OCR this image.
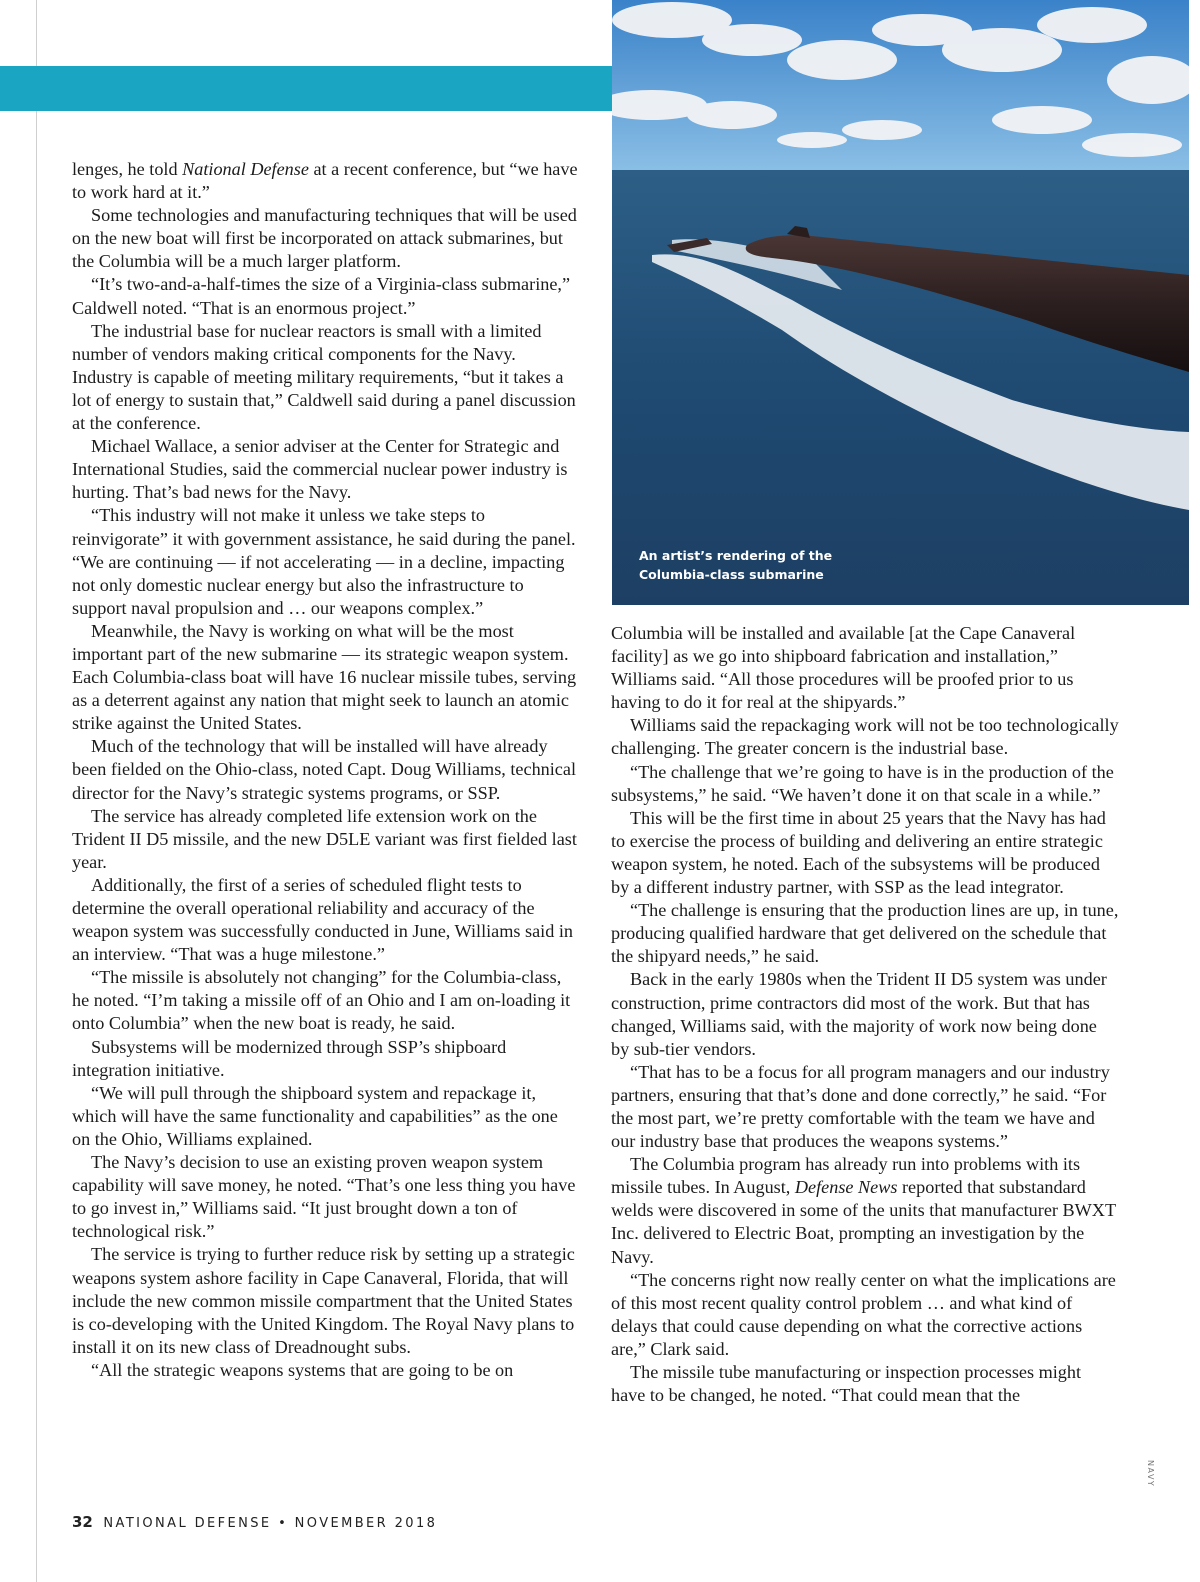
lenges, he told National Defense at a recent conference, but “we have to work hard at it.”

Some technologies and manufacturing techniques that will be used on the new boat will first be incorporated on attack submarines, but the Columbia will be a much larger platform.

“It’s two-and-a-half-times the size of a Virginia-class submarine,” Caldwell noted. “That is an enormous project.”

The industrial base for nuclear reactors is small with a limited number of vendors making critical components for the Navy. Industry is capable of meeting military requirements, “but it takes a lot of energy to sustain that,” Caldwell said during a panel discussion at the conference.

Michael Wallace, a senior adviser at the Center for Strategic and International Studies, said the commercial nuclear power industry is hurting. That’s bad news for the Navy.

“This industry will not make it unless we take steps to reinvigorate” it with government assistance, he said during the panel. “We are continuing — if not accelerating — in a decline, impacting not only domestic nuclear energy but also the infrastructure to support naval propulsion and … our weapons complex.”

Meanwhile, the Navy is working on what will be the most important part of the new submarine — its strategic weapon system. Each Columbia-class boat will have 16 nuclear missile tubes, serving as a deterrent against any nation that might seek to launch an atomic strike against the United States.

Much of the technology that will be installed will have already been fielded on the Ohio-class, noted Capt. Doug Williams, technical director for the Navy’s strategic systems programs, or SSP.

The service has already completed life extension work on the Trident II D5 missile, and the new D5LE variant was first fielded last year.

Additionally, the first of a series of scheduled flight tests to determine the overall operational reliability and accuracy of the weapon system was successfully conducted in June, Williams said in an interview. “That was a huge milestone.”

“The missile is absolutely not changing” for the Columbia-class, he noted. “I’m taking a missile off of an Ohio and I am on-loading it onto Columbia” when the new boat is ready, he said.

Subsystems will be modernized through SSP’s shipboard integration initiative.

“We will pull through the shipboard system and repackage it, which will have the same functionality and capabilities” as the one on the Ohio, Williams explained.

The Navy’s decision to use an existing proven weapon system capability will save money, he noted. “That’s one less thing you have to go invest in,” Williams said. “It just brought down a ton of technological risk.”

The service is trying to further reduce risk by setting up a strategic weapons system ashore facility in Cape Canaveral, Florida, that will include the new common missile compartment that the United States is co-developing with the United Kingdom. The Royal Navy plans to install it on its new class of Dreadnought subs.

“All the strategic weapons systems that are going to be on

An artist’s rendering of the
Columbia-class submarine

Columbia will be installed and available [at the Cape Canaveral facility] as we go into shipboard fabrication and installation,” Williams said. “All those procedures will be proofed prior to us having to do it for real at the shipyards.”

Williams said the repackaging work will not be too technologically challenging. The greater concern is the industrial base.

“The challenge that we’re going to have is in the production of the subsystems,” he said. “We haven’t done it on that scale in a while.”

This will be the first time in about 25 years that the Navy has had to exercise the process of building and delivering an entire strategic weapon system, he noted. Each of the subsystems will be produced by a different industry partner, with SSP as the lead integrator.

“The challenge is ensuring that the production lines are up, in tune, producing qualified hardware that get delivered on the schedule that the shipyard needs,” he said.

Back in the early 1980s when the Trident II D5 system was under construction, prime contractors did most of the work. But that has changed, Williams said, with the majority of work now being done by sub-tier vendors.

“That has to be a focus for all program managers and our industry partners, ensuring that that’s done and done correctly,” he said. “For the most part, we’re pretty comfortable with the team we have and our industry base that produces the weapons systems.”

The Columbia program has already run into problems with its missile tubes. In August, Defense News reported that substandard welds were discovered in some of the units that manufacturer BWXT Inc. delivered to Electric Boat, prompting an investigation by the Navy.

“The concerns right now really center on what the implications are of this most recent quality control problem … and what kind of delays that could cause depending on what the corrective actions are,” Clark said.

The missile tube manufacturing or inspection processes might have to be changed, he noted. “That could mean that the

NAVY
32 NATIONAL DEFENSE • NOVEMBER 2018
